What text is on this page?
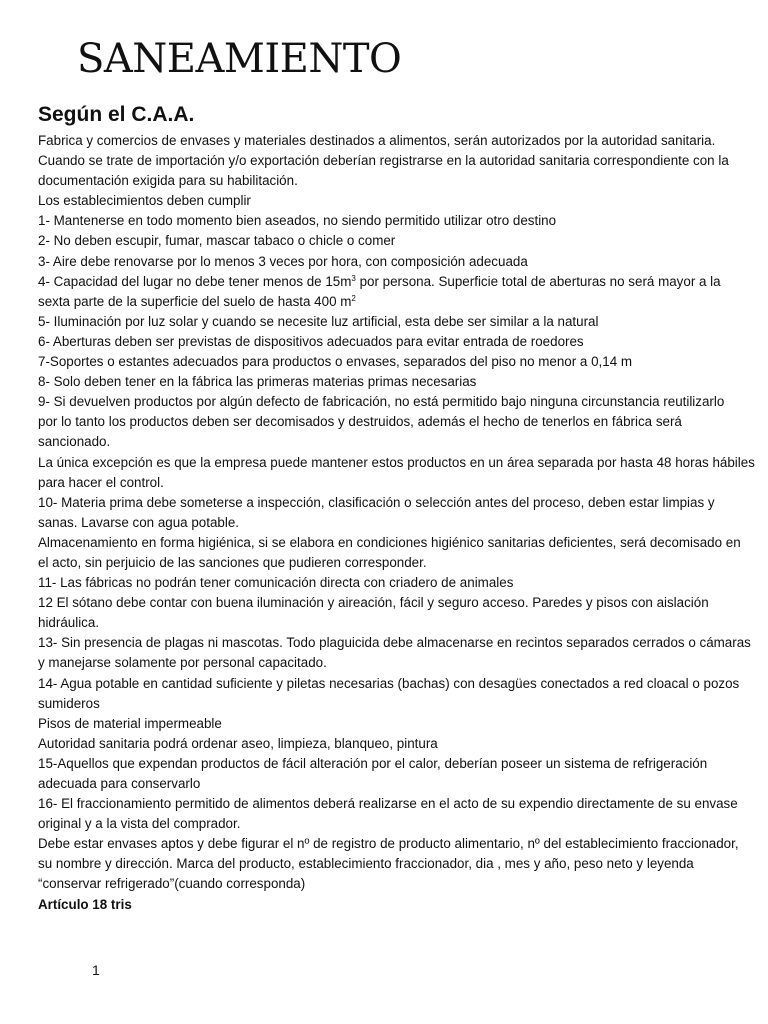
SANEAMIENTO
Según el C.A.A.

Fabrica y comercios de envases y materiales destinados a alimentos, serán autorizados por la autoridad sanitaria.

Cuando se trate de importación y/o exportación deberían registrarse en la autoridad sanitaria correspondiente con la

documentación exigida para su habilitación.

Los establecimientos deben cumplir

1- Mantenerse en todo momento bien aseados, no siendo permitido utilizar otro destino

2- No deben escupir, fumar, mascar tabaco o chicle o comer

3- Aire debe renovarse por lo menos 3 veces por hora, con composición adecuada

4- Capacidad del lugar no debe tener menos de $15m^3$ por persona. Superficie total de aberturas no será mayor a la

sexta parte de la superficie del suelo de hasta 400 $m^2$

5- Iluminación por luz solar y cuando se necesite luz artificial, esta debe ser similar a la natural

6- Aberturas deben ser previstas de dispositivos adecuados para evitar entrada de roedores

7-Soportes o estantes adecuados para productos o envases, separados del piso no menor a 0,14 m

8- Solo deben tener en la fábrica las primeras materias primas necesarias

9- Si devuelven productos por algún defecto de fabricación, no está permitido bajo ninguna circunstancia reutilizarlo

por lo tanto los productos deben ser decomisados y destruidos, además el hecho de tenerlos en fábrica será

sancionado.

La única excepción es que la empresa puede mantener estos productos en un área separada por hasta 48 horas hábiles

para hacer el control.

10- Materia prima debe someterse a inspección, clasificación o selección antes del proceso, deben estar limpias y

sanas. Lavarse con agua potable.

Almacenamiento en forma higiénica, si se elabora en condiciones higiénico sanitarias deficientes, será decomisado en

el acto, sin perjuicio de las sanciones que pudieren corresponder.

11- Las fábricas no podrán tener comunicación directa con criadero de animales

12 El sótano debe contar con buena iluminación y aireación, fácil y seguro acceso. Paredes y pisos con aislación

hidráulica.

13- Sin presencia de plagas ni mascotas. Todo plaguicida debe almacenarse en recintos separados cerrados o cámaras

y manejarse solamente por personal capacitado.

14- Agua potable en cantidad suficiente y piletas necesarias (bachas) con desagües conectados a red cloacal o pozos

sumideros

Pisos de material impermeable

Autoridad sanitaria podrá ordenar aseo, limpieza, blanqueo, pintura

15-Aquellos que expendan productos de fácil alteración por el calor, deberían poseer un sistema de refrigeración

adecuada para conservarlo

16- El fraccionamiento permitido de alimentos deberá realizarse en el acto de su expendio directamente de su envase

original y a la vista del comprador.

Debe estar envases aptos y debe figurar el nº de registro de producto alimentario, nº del establecimiento fraccionador,

su nombre y dirección. Marca del producto, establecimiento fraccionador, dia , mes y año, peso neto y leyenda

“conservar refrigerado”(cuando corresponda)

Artículo 18 tris

1
